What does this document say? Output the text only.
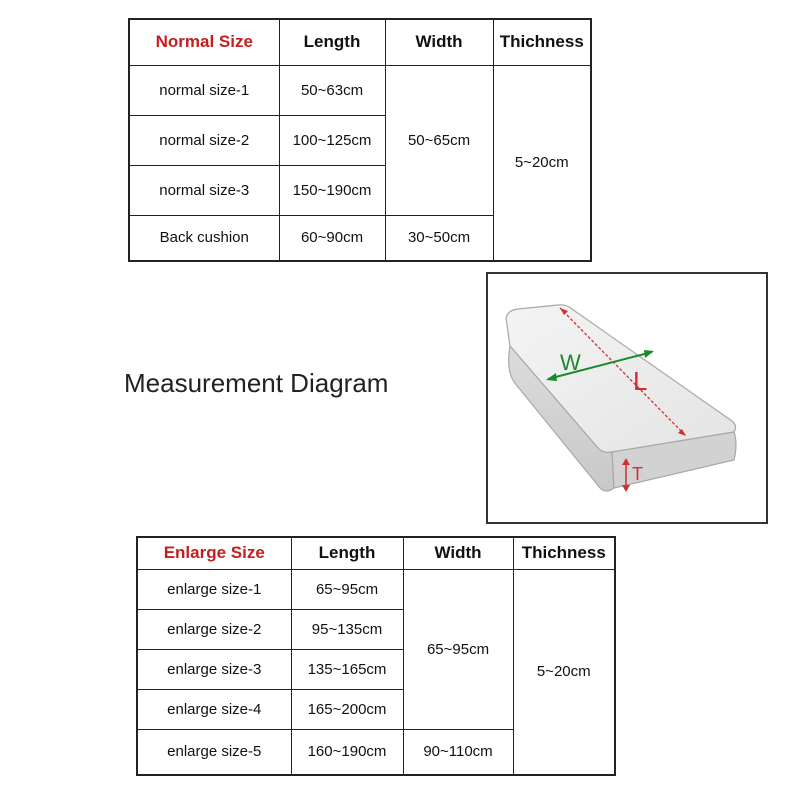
Normal Size	Length	Width	Thichness
normal size-1	50~63cm	50~65cm	5~20cm
normal size-2	100~125cm		
normal size-3	150~190cm		
Back cushion	60~90cm	30~50cm	
Measurement Diagram	L
W
T
Enlarge Size	Length	Width	Thichness
enlarge size-1	65~95cm	65~95cm	5~20cm
enlarge size-2	95~135cm		
enlarge size-3	135~165cm		
enlarge size-4	165~200cm		
enlarge size-5	160~190cm	90~110cm	
